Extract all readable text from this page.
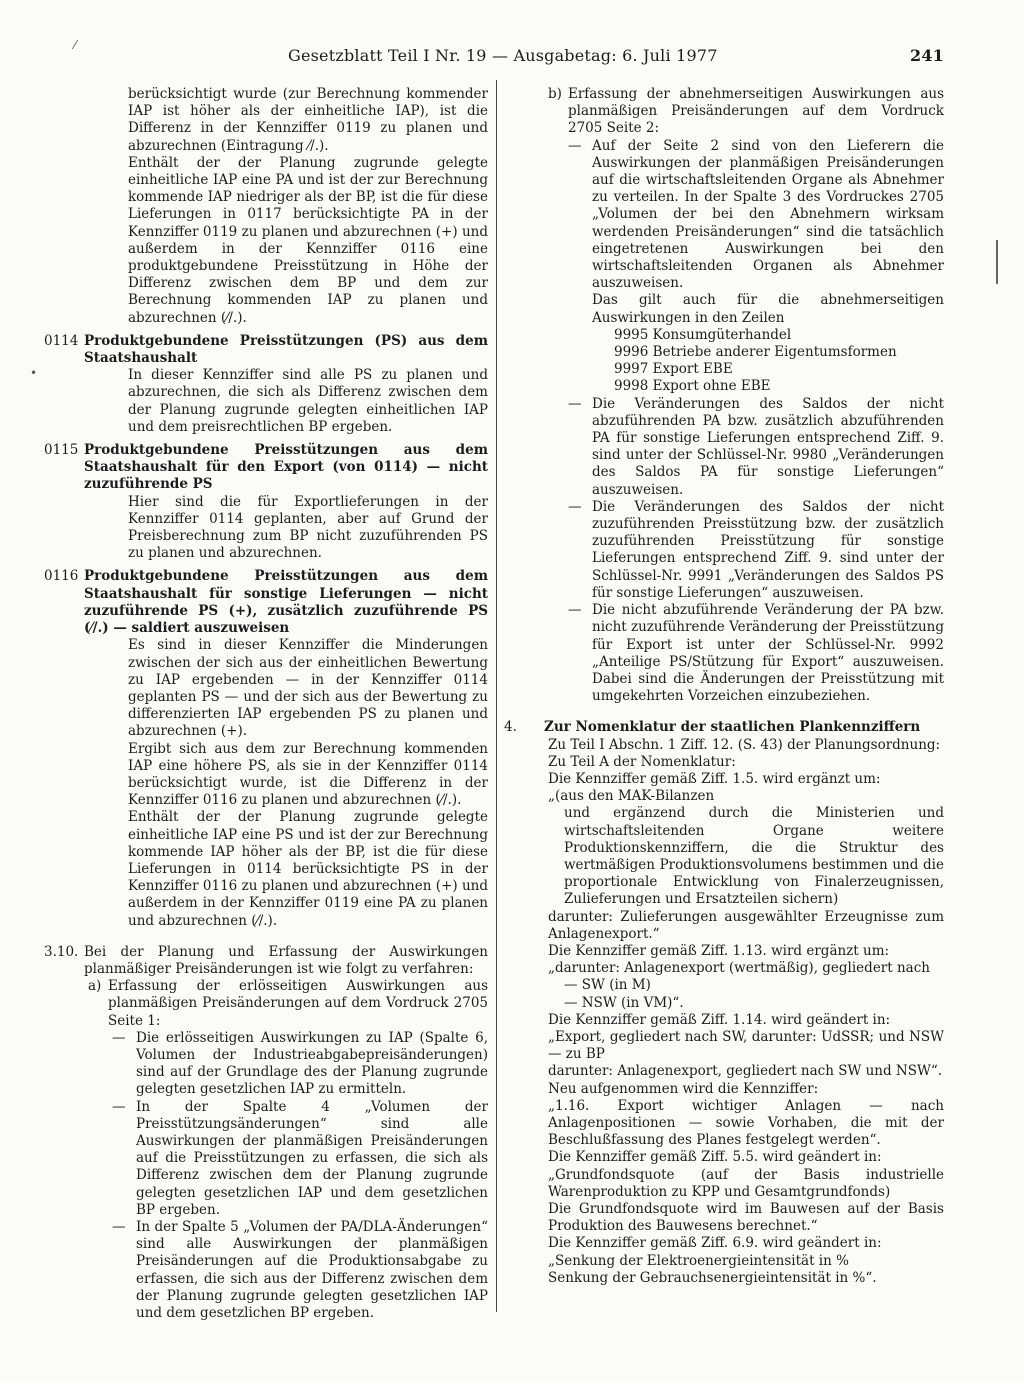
Gesetzblatt Teil I Nr. 19 — Ausgabetag: 6. Juli 1977	241

berücksichtigt wurde (zur Berechnung kommender IAP ist höher als der einheitliche IAP), ist die Differenz in der Kennziffer 0119 zu planen und abzurechnen (Eintragung ⁄/.).

Enthält der der Planung zugrunde gelegte einheitliche IAP eine PA und ist der zur Berechnung kommende IAP niedriger als der BP, ist die für diese Lieferungen in 0117 berücksichtigte PA in der Kennziffer 0119 zu planen und abzurechnen (+) und außerdem in der Kennziffer 0116 eine produktgebundene Preisstützung in Höhe der Differenz zwischen dem BP und dem zur Berechnung kommenden IAP zu planen und abzurechnen (⁄/.).

0114 Produktgebundene Preisstützungen (PS) aus dem Staatshaushalt

In dieser Kennziffer sind alle PS zu planen und abzurechnen, die sich als Differenz zwischen dem der Planung zugrunde gelegten einheitlichen IAP und dem preisrechtlichen BP ergeben.

0115 Produktgebundene Preisstützungen aus dem Staatshaushalt für den Export (von 0114) — nicht zuzuführende PS

Hier sind die für Exportlieferungen in der Kennziffer 0114 geplanten, aber auf Grund der Preisberechnung zum BP nicht zuzuführenden PS zu planen und abzurechnen.

0116 Produktgebundene Preisstützungen aus dem Staatshaushalt für sonstige Lieferungen — nicht zuzuführende PS (+), zusätzlich zuzuführende PS (⁄/.) — saldiert auszuweisen

Es sind in dieser Kennziffer die Minderungen zwischen der sich aus der einheitlichen Bewertung zu IAP ergebenden — in der Kennziffer 0114 geplanten PS — und der sich aus der Bewertung zu differenzierten IAP ergebenden PS zu planen und abzurechnen (+).

Ergibt sich aus dem zur Berechnung kommenden IAP eine höhere PS, als sie in der Kennziffer 0114 berücksichtigt wurde, ist die Differenz in der Kennziffer 0116 zu planen und abzurechnen (⁄/.).

Enthält der der Planung zugrunde gelegte einheitliche IAP eine PS und ist der zur Berechnung kommende IAP höher als der BP, ist die für diese Lieferungen in 0114 berücksichtigte PS in der Kennziffer 0116 zu planen und abzurechnen (+) und außerdem in der Kennziffer 0119 eine PA zu planen und abzurechnen (⁄/.).

3.10. Bei der Planung und Erfassung der Auswirkungen planmäßiger Preisänderungen ist wie folgt zu verfahren:
a) Erfassung der erlösseitigen Auswirkungen aus planmäßigen Preisänderungen auf dem Vordruck 2705 Seite 1:
— Die erlösseitigen Auswirkungen zu IAP (Spalte 6, Volumen der Industrieabgabepreisänderungen) sind auf der Grundlage des der Planung zugrunde gelegten gesetzlichen IAP zu ermitteln.
— In der Spalte 4 „Volumen der Preisstützungsänderungen“ sind alle Auswirkungen der planmäßigen Preisänderungen auf die Preisstützungen zu erfassen, die sich als Differenz zwischen dem der Planung zugrunde gelegten gesetzlichen IAP und dem gesetzlichen BP ergeben.
— In der Spalte 5 „Volumen der PA/DLA-Änderungen“ sind alle Auswirkungen der planmäßigen Preisänderungen auf die Produktionsabgabe zu erfassen, die sich aus der Differenz zwischen dem der Planung zugrunde gelegten gesetzlichen IAP und dem gesetzlichen BP ergeben.
b) Erfassung der abnehmerseitigen Auswirkungen aus planmäßigen Preisänderungen auf dem Vordruck 2705 Seite 2:
— Auf der Seite 2 sind von den Lieferern die Auswirkungen der planmäßigen Preisänderungen auf die wirtschaftsleitenden Organe als Abnehmer zu verteilen. In der Spalte 3 des Vordruckes 2705 „Volumen der bei den Abnehmern wirksam werdenden Preisänderungen“ sind die tatsächlich eingetretenen Auswirkungen bei den wirtschaftsleitenden Organen als Abnehmer auszuweisen.

Das gilt auch für die abnehmerseitigen Auswirkungen in den Zeilen

9995 Konsumgüterhandel
9996 Betriebe anderer Eigentumsformen
9997 Export EBE
9998 Export ohne EBE
— Die Veränderungen des Saldos der nicht abzuführenden PA bzw. zusätzlich abzuführenden PA für sonstige Lieferungen entsprechend Ziff. 9. sind unter der Schlüssel-Nr. 9980 „Veränderungen des Saldos PA für sonstige Lieferungen“ auszuweisen.
— Die Veränderungen des Saldos der nicht zuzuführenden Preisstützung bzw. der zusätzlich zuzuführenden Preisstützung für sonstige Lieferungen entsprechend Ziff. 9. sind unter der Schlüssel-Nr. 9991 „Veränderungen des Saldos PS für sonstige Lieferungen“ auszuweisen.
— Die nicht abzuführende Veränderung der PA bzw. nicht zuzuführende Veränderung der Preisstützung für Export ist unter der Schlüssel-Nr. 9992 „Anteilige PS/Stützung für Export“ auszuweisen. Dabei sind die Änderungen der Preisstützung mit umgekehrten Vorzeichen einzubeziehen.
4.	Zur Nomenklatur der staatlichen Plankennziffern

Zu Teil I Abschn. 1 Ziff. 12. (S. 43) der Planungsordnung:

Zu Teil A der Nomenklatur:

Die Kennziffer gemäß Ziff. 1.5. wird ergänzt um:

„(aus den MAK-Bilanzen

und ergänzend durch die Ministerien und wirtschaftsleitenden Organe weitere Produktionskennziffern, die die Struktur des wertmäßigen Produktionsvolumens bestimmen und die proportionale Entwicklung von Finalerzeugnissen, Zulieferungen und Ersatzteilen sichern)

darunter: Zulieferungen ausgewählter Erzeugnisse zum Anlagenexport.“

Die Kennziffer gemäß Ziff. 1.13. wird ergänzt um:

„darunter: Anlagenexport (wertmäßig), gegliedert nach

— SW (in M)

— NSW (in VM)“.

Die Kennziffer gemäß Ziff. 1.14. wird geändert in:

„Export, gegliedert nach SW, darunter: UdSSR; und NSW — zu BP

darunter: Anlagenexport, gegliedert nach SW und NSW“.

Neu aufgenommen wird die Kennziffer:

„1.16. Export wichtiger Anlagen — nach Anlagenpositionen — sowie Vorhaben, die mit der Beschlußfassung des Planes festgelegt werden“.

Die Kennziffer gemäß Ziff. 5.5. wird geändert in:

„Grundfondsquote (auf der Basis industrielle Warenproduktion zu KPP und Gesamtgrundfonds)

Die Grundfondsquote wird im Bauwesen auf der Basis Produktion des Bauwesens berechnet.“

Die Kennziffer gemäß Ziff. 6.9. wird geändert in:

„Senkung der Elektroenergieintensität in %

Senkung der Gebrauchsenergieintensität in %“.

⁄
•
